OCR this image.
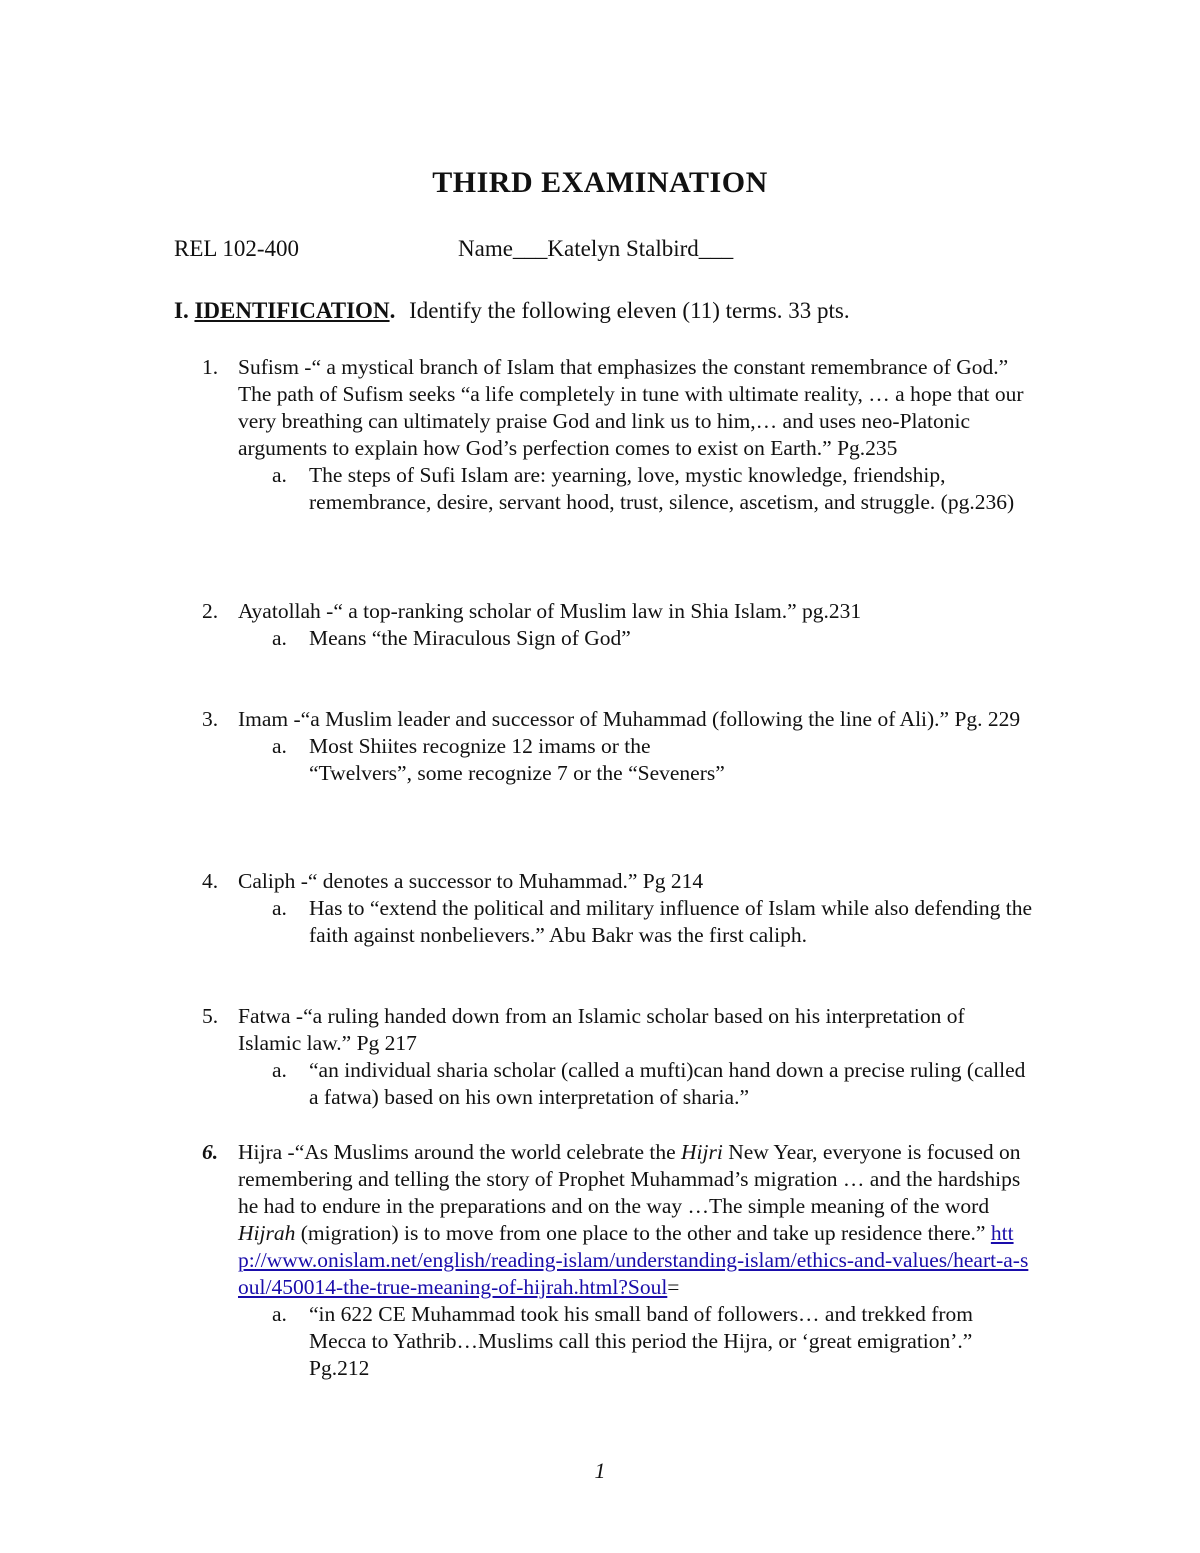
THIRD EXAMINATION
REL 102-400	Name___Katelyn Stalbird___
I. IDENTIFICATION. Identify the following eleven (11) terms. 33 pts.
1. Sufism -“ a mystical branch of Islam that emphasizes the constant remembrance of God.” The path of Sufism seeks “a life completely in tune with ultimate reality, … a hope that our very breathing can ultimately praise God and link us to him,… and uses neo-Platonic arguments to explain how God’s perfection comes to exist on Earth.” Pg.235
a. The steps of Sufi Islam are: yearning, love, mystic knowledge, friendship, remembrance, desire, servant hood, trust, silence, ascetism, and struggle. (pg.236)
2. Ayatollah -“ a top-ranking scholar of Muslim law in Shia Islam.” pg.231
a. Means “the Miraculous Sign of God”
3. Imam -“a Muslim leader and successor of Muhammad (following the line of Ali).” Pg. 229
a. Most Shiites recognize 12 imams or the
“Twelvers”, some recognize 7 or the “Seveners”
4. Caliph -“ denotes a successor to Muhammad.” Pg 214
a. Has to “extend the political and military influence of Islam while also defending the faith against nonbelievers.” Abu Bakr was the first caliph.
5. Fatwa -“a ruling handed down from an Islamic scholar based on his interpretation of Islamic law.” Pg 217
a. “an individual sharia scholar (called a mufti)can hand down a precise ruling (called a fatwa) based on his own interpretation of sharia.”
6. Hijra -“As Muslims around the world celebrate the Hijri New Year, everyone is focused on remembering and telling the story of Prophet Muhammad’s migration … and the hardships he had to endure in the preparations and on the way …The simple meaning of the word Hijrah (migration) is to move from one place to the other and take up residence there.” http://www.onislam.net/english/reading-islam/understanding-islam/ethics-and-values/heart-a-soul/450014-the-true-meaning-of-hijrah.html?Soul=
a. “in 622 CE Muhammad took his small band of followers… and trekked from Mecca to Yathrib…Muslims call this period the Hijra, or ‘great emigration’.” Pg.212
1
